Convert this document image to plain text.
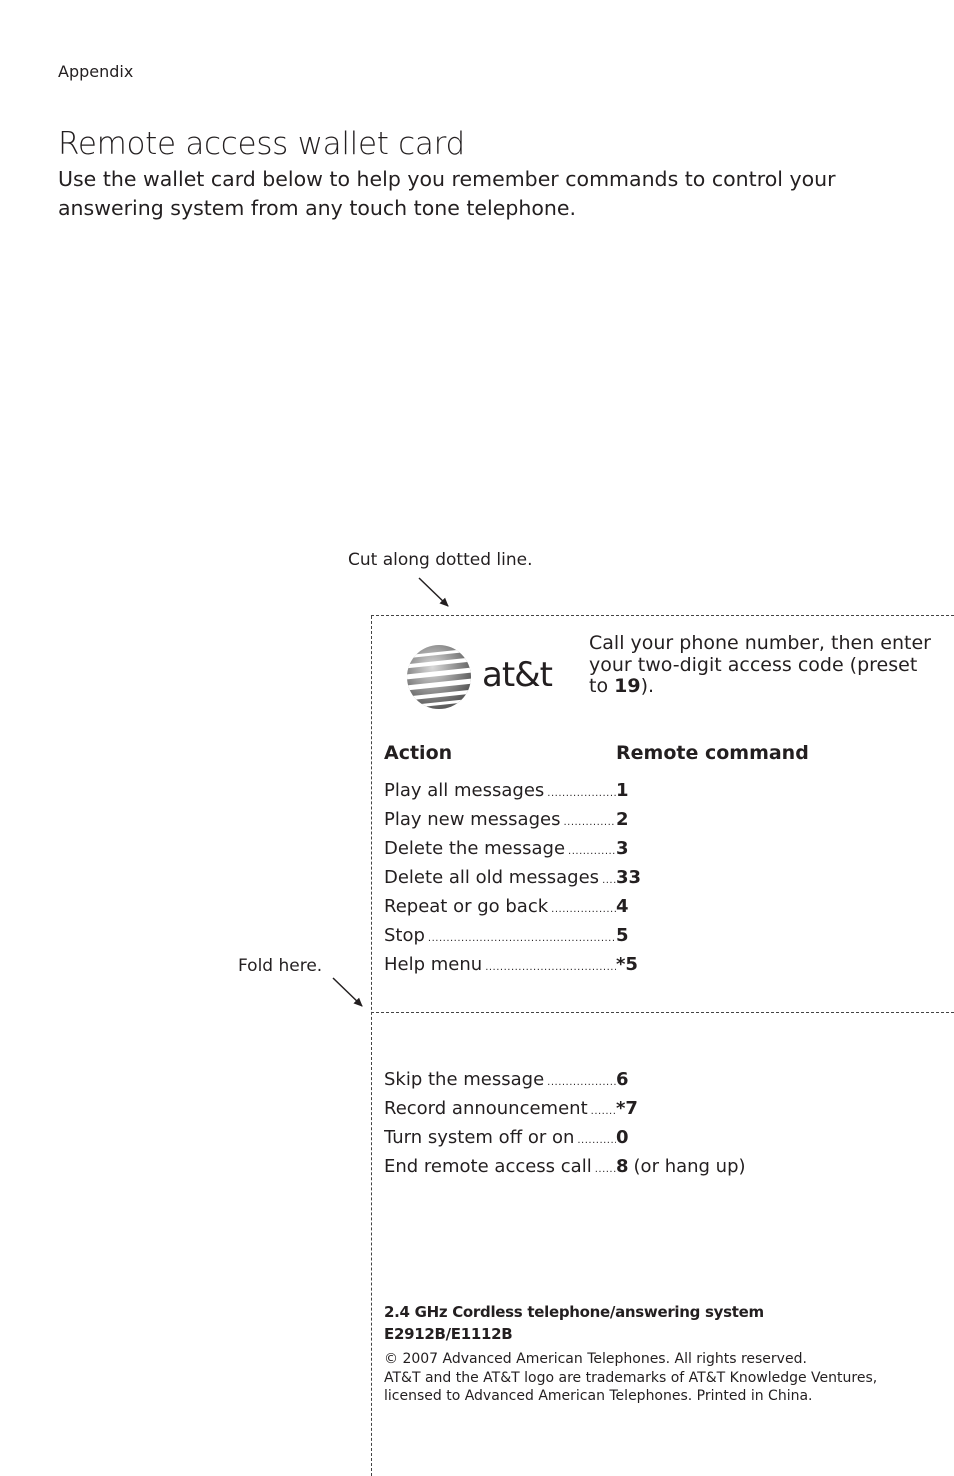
Appendix
Remote access wallet card
Use the wallet card below to help you remember commands to control your answering system from any touch tone telephone.
Cut along dotted line.
Fold here.
at&t
Call your phone number, then enter your two-digit access code (preset to 19).
Action	Remote command
Play all messages .....	1
Play new messages .....	2
Delete the message .....	3
Delete all old messages ..... 33
Repeat or go back .....	4
Stop .....	5
Help menu .....	*5
Skip the message .....	6
Record announcement ..... *7
Turn system off or on ..... 0
End remote access call ..... 8 (or hang up)
2.4 GHz Cordless telephone/answering system
E2912B/E1112B
© 2007 Advanced American Telephones. All rights reserved.
AT&T and the AT&T logo are trademarks of AT&T Knowledge Ventures,
licensed to Advanced American Telephones. Printed in China.
